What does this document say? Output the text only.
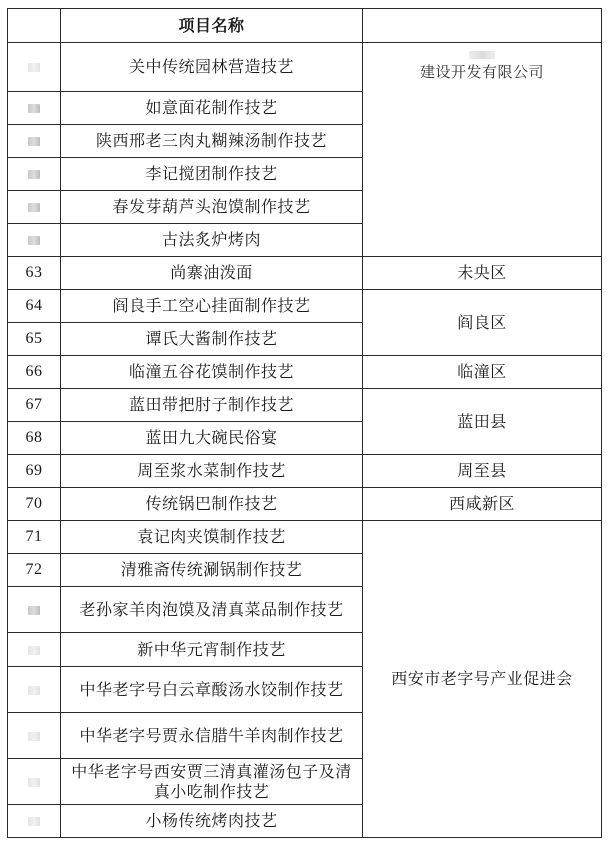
	项目名称	
	关中传统园林营造技艺	建设开发有限公司
	如意面花制作技艺	
	陕西邢老三肉丸糊辣汤制作技艺	
	李记搅团制作技艺	
	春发芽葫芦头泡馍制作技艺	
	古法炙炉烤肉	
63	尚寨油泼面	未央区
64	阎良手工空心挂面制作技艺	阎良区
65	谭氏大酱制作技艺	
66	临潼五谷花馍制作技艺	临潼区
67	蓝田带把肘子制作技艺	蓝田县
68	蓝田九大碗民俗宴	
69	周至浆水菜制作技艺	周至县
70	传统锅巴制作技艺	西咸新区
71	袁记肉夹馍制作技艺	西安市老字号产业促进会
72	清雅斋传统涮锅制作技艺	
	老孙家羊肉泡馍及清真菜品制作技艺	
	新中华元宵制作技艺	
	中华老字号白云章酸汤水饺制作技艺	
	中华老字号贾永信腊牛羊肉制作技艺	
	中华老字号西安贾三清真灌汤包子及清真小吃制作技艺	
	小杨传统烤肉技艺	
